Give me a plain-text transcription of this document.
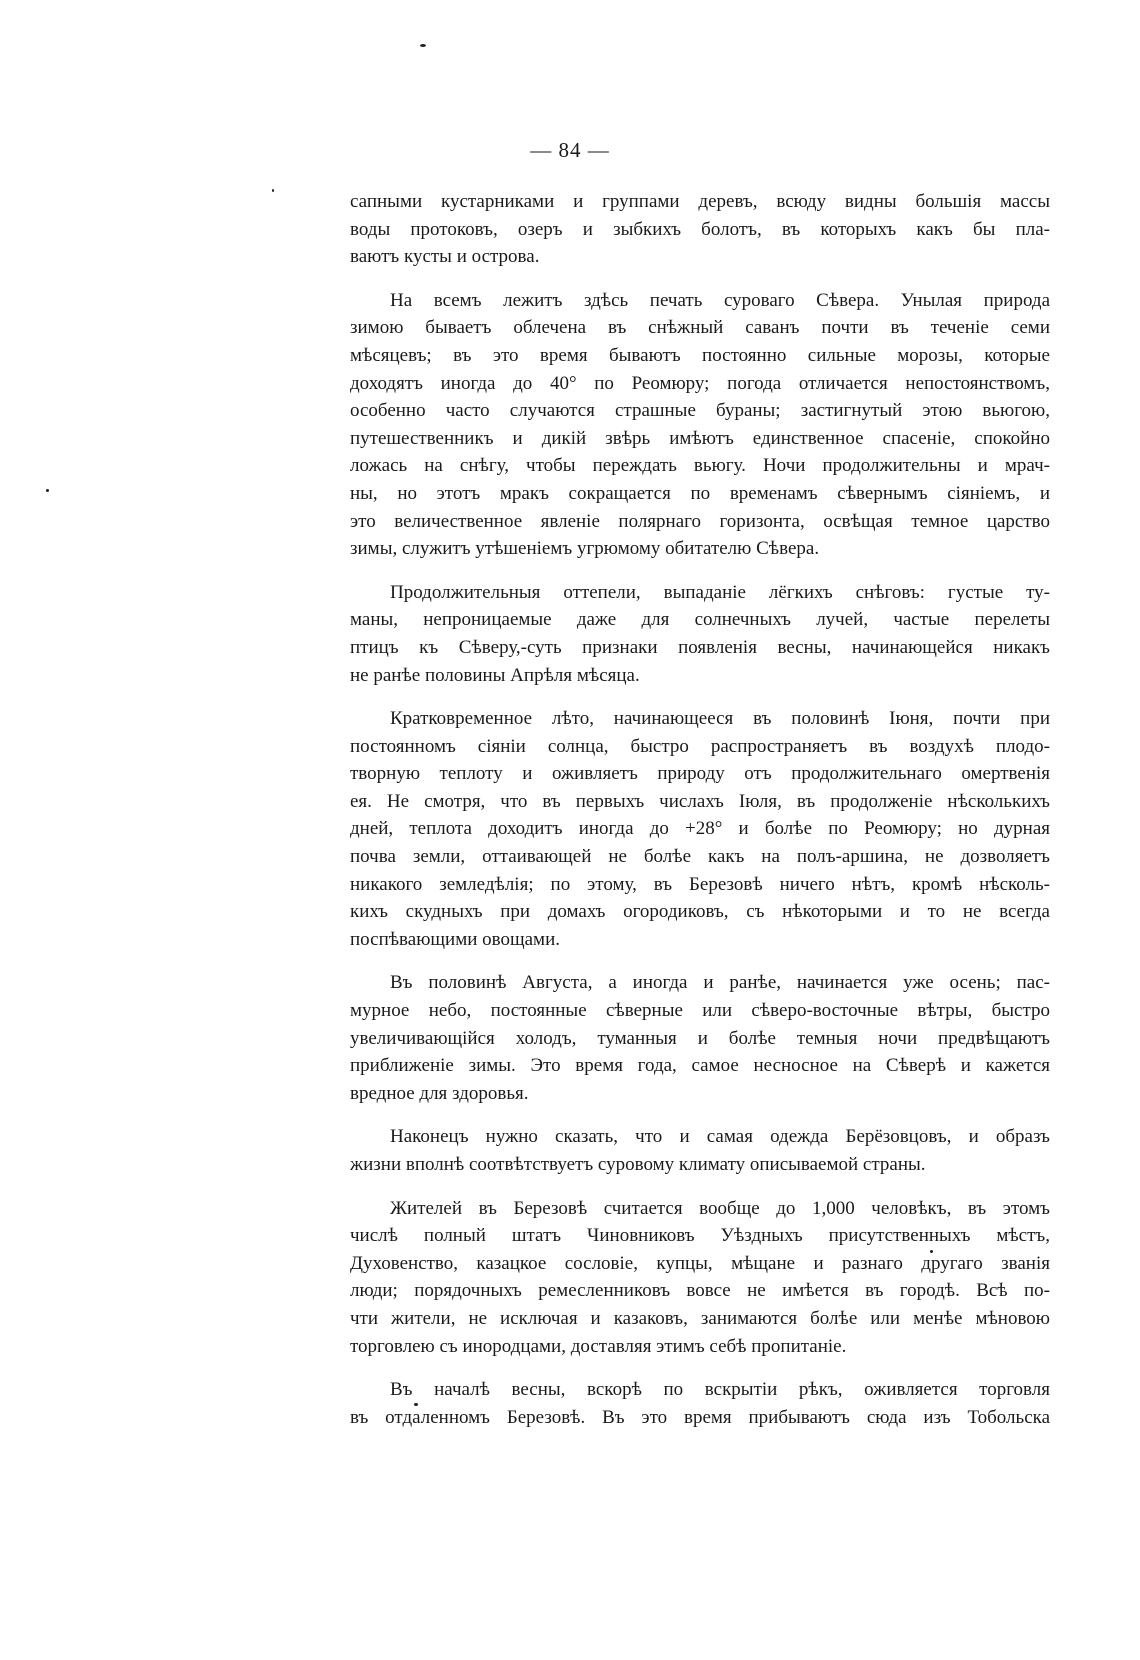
— 84 —
сапными кустарниками и группами деревъ, всюду видны большiя массы
воды протоковъ, озеръ и зыбкихъ болотъ, въ которыхъ какъ бы пла-
ваютъ кусты и острова.
На всемъ лежитъ здѣсь печать суроваго Сѣвера. Унылая природа
зимою бываетъ облечена въ снѣжный саванъ почти въ теченiе семи
мѣсяцевъ; въ это время бываютъ постоянно сильные морозы, которые
доходятъ иногда до 40° по Реомюру; погода отличается непостоянствомъ,
особенно часто случаются страшные бураны; застигнутый этою вьюгою,
путешественникъ и дикiй звѣрь имѣютъ единственное спасенiе, спокойно
ложась на снѣгу, чтобы переждать вьюгу. Ночи продолжительны и мрач-
ны, но этотъ мракъ сокращается по временамъ сѣвернымъ сiянiемъ, и
это величественное явленiе полярнаго горизонта, освѣщая темное царство
зимы, служитъ утѣшенiемъ угрюмому обитателю Сѣвера.
Продолжительныя оттепели, выпаданiе лёгкихъ снѣговъ: густые ту-
маны, непроницаемые даже для солнечныхъ лучей, частые перелеты
птицъ къ Сѣверу,-суть признаки появленiя весны, начинающейся никакъ
не ранѣе половины Апрѣля мѣсяца.
Кратковременное лѣто, начинающееся въ половинѣ Iюня, почти при
постоянномъ сiянiи солнца, быстро распространяетъ въ воздухѣ плодо-
творную теплоту и оживляетъ природу отъ продолжительнаго омертвенiя
ея. Не смотря, что въ первыхъ числахъ Iюля, въ продолженiе нѣсколькихъ
дней, теплота доходитъ иногда до +28° и болѣе по Реомюру; но дурная
почва земли, оттаивающей не болѣе какъ на полъ-аршина, не дозволяетъ
никакого земледѣлiя; по этому, въ Березовѣ ничего нѣтъ, кромѣ нѣсколь-
кихъ скудныхъ при домахъ огородиковъ, съ нѣкоторыми и то не всегда
поспѣвающими овощами.
Въ половинѣ Августа, а иногда и ранѣе, начинается уже осень; пас-
мурное небо, постоянные сѣверные или сѣверо-восточные вѣтры, быстро
увеличивающiйся холодъ, туманныя и болѣе темныя ночи предвѣщаютъ
приближенiе зимы. Это время года, самое несносное на Сѣверѣ и кажется
вредное для здоровья.
Наконецъ нужно сказать, что и самая одежда Берёзовцовъ, и образъ
жизни вполнѣ соотвѣтствуетъ суровому климату описываемой страны.
Жителей въ Березовѣ считается вообще до 1,000 человѣкъ, въ этомъ
числѣ полный штатъ Чиновниковъ Уѣздныхъ присутственныхъ мѣстъ,
Духовенство, казацкое сословiе, купцы, мѣщане и разнаго другаго званiя
люди; порядочныхъ ремесленниковъ вовсе не имѣется въ городѣ. Всѣ по-
чти жители, не исключая и казаковъ, занимаются болѣе или менѣе мѣновою
торговлею съ инородцами, доставляя этимъ себѣ пропитанiе.
Въ началѣ весны, вскорѣ по вскрытiи рѣкъ, оживляется торговля
въ отдаленномъ Березовѣ. Въ это время прибываютъ сюда изъ Тобольска
